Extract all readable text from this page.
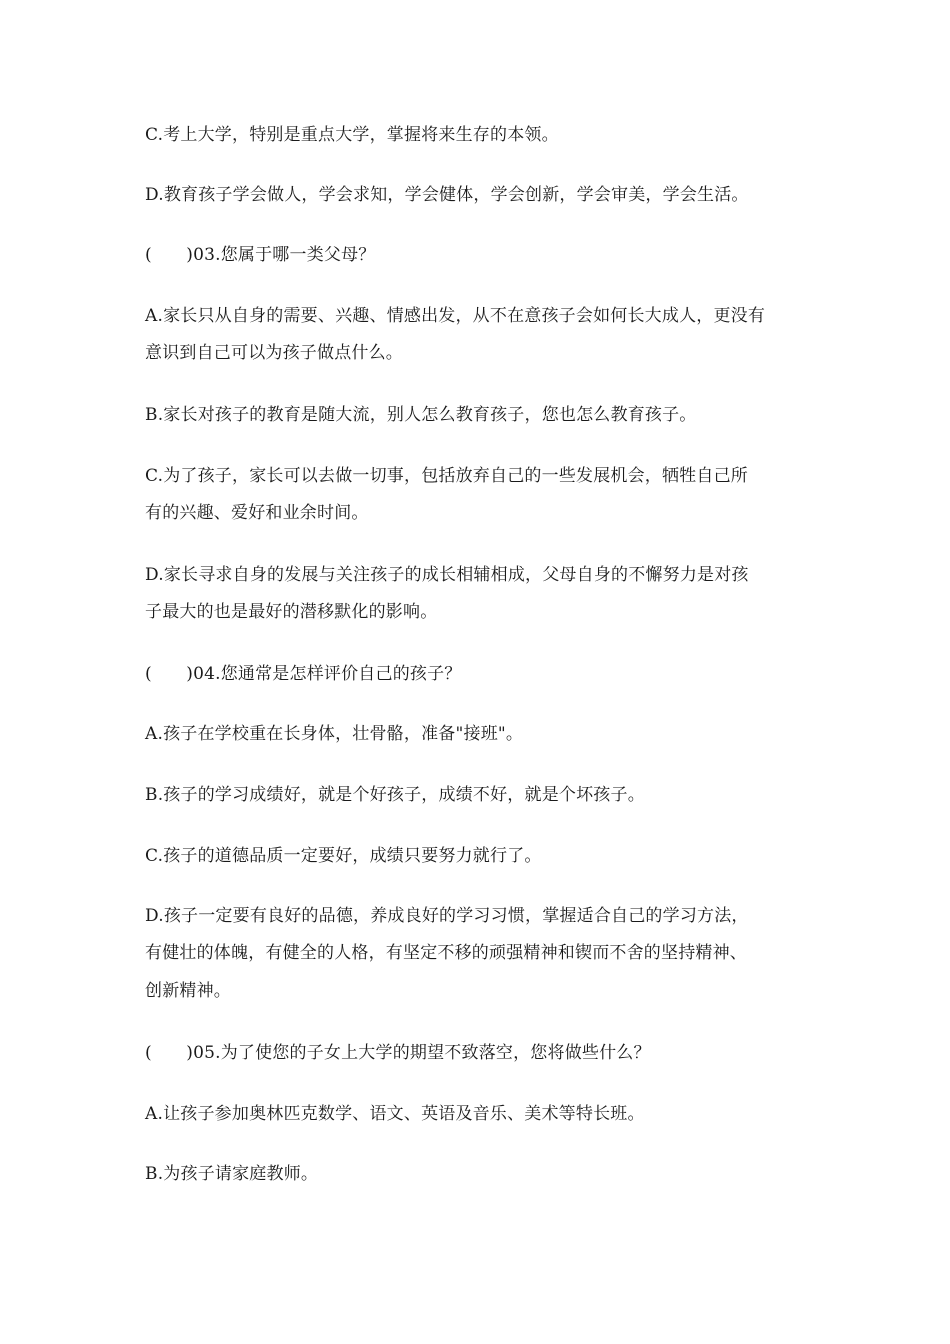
C.考上大学，特别是重点大学，掌握将来生存的本领。
D.教育孩子学会做人，学会求知，学会健体，学会创新，学会审美，学会生活。
(　　)03.您属于哪一类父母？
A.家长只从自身的需要、兴趣、情感出发，从不在意孩子会如何长大成人，更没有
意识到自己可以为孩子做点什么。
B.家长对孩子的教育是随大流，别人怎么教育孩子，您也怎么教育孩子。
C.为了孩子，家长可以去做一切事，包括放弃自己的一些发展机会，牺牲自己所
有的兴趣、爱好和业余时间。
D.家长寻求自身的发展与关注孩子的成长相辅相成，父母自身的不懈努力是对孩
子最大的也是最好的潜移默化的影响。
(　　)04.您通常是怎样评价自己的孩子？
A.孩子在学校重在长身体，壮骨骼，准备"接班"。
B.孩子的学习成绩好，就是个好孩子，成绩不好，就是个坏孩子。
C.孩子的道德品质一定要好，成绩只要努力就行了。
D.孩子一定要有良好的品德，养成良好的学习习惯，掌握适合自己的学习方法，
有健壮的体魄，有健全的人格，有坚定不移的顽强精神和锲而不舍的坚持精神、
创新精神。
(　　)05.为了使您的子女上大学的期望不致落空，您将做些什么？
A.让孩子参加奥林匹克数学、语文、英语及音乐、美术等特长班。
B.为孩子请家庭教师。
